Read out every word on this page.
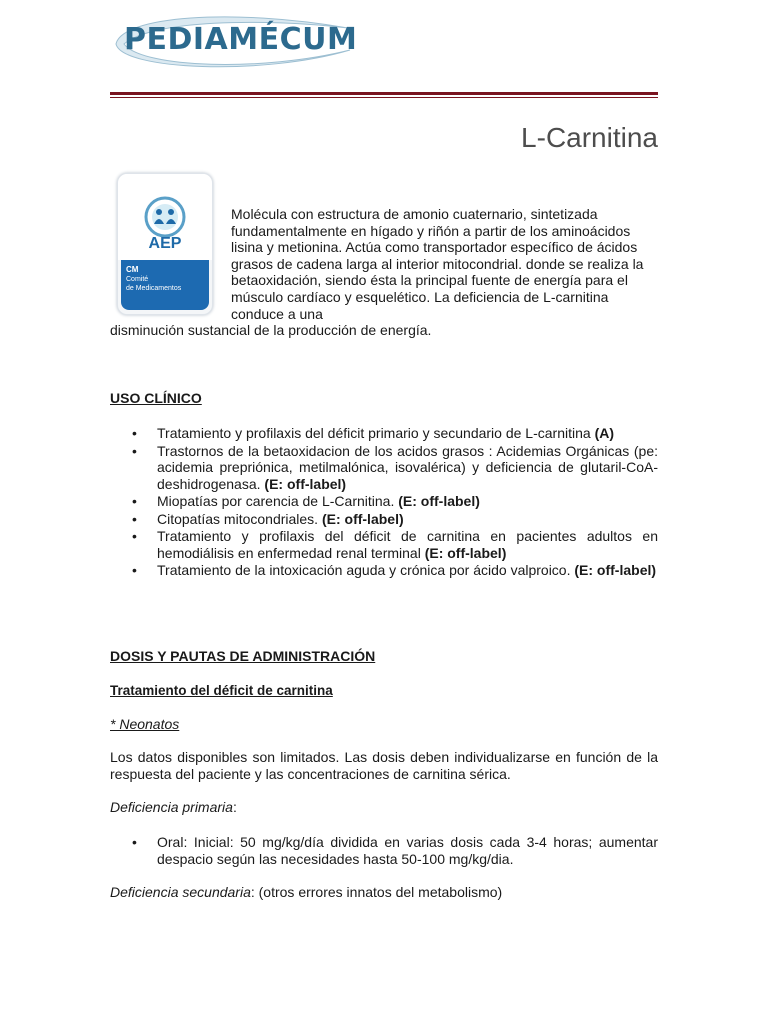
PEDIAMÉCUM
L-Carnitina
AEP
CM
Comité
de Medicamentos
Molécula con estructura de amonio cuaternario, sintetizada fundamentalmente en hígado y riñón a partir de los aminoácidos lisina y metionina. Actúa como transportador específico de ácidos grasos de cadena larga al interior mitocondrial. donde se realiza la betaoxidación, siendo ésta la principal fuente de energía para el músculo cardíaco y esquelético. La deficiencia de L-carnitina conduce a una
disminución sustancial de la producción de energía.
USO CLÍNICO
• Tratamiento y profilaxis del déficit primario y secundario de L-carnitina (A)
• Trastornos de la betaoxidacion de los acidos grasos : Acidemias Orgánicas (pe: acidemia preprióniса, metilmalónica, isovalérica) y deficiencia de glutaril-CoA-deshidrogenasa. (E: off-label)
• Miopatías por carencia de L-Carnitina. (E: off-label)
• Citopatías mitocondriales. (E: off-label)
• Tratamiento y profilaxis del déficit de carnitina en pacientes adultos en hemodiálisis en enfermedad renal terminal (E: off-label)
• Tratamiento de la intoxicación aguda y crónica por ácido valproico. (E: off-label)
DOSIS Y PAUTAS DE ADMINISTRACIÓN
Tratamiento del déficit de carnitina
* Neonatos
Los datos disponibles son limitados. Las dosis deben individualizarse en función de la respuesta del paciente y las concentraciones de carnitina sérica.
Deficiencia primaria:
• Oral: Inicial: 50 mg/kg/día dividida en varias dosis cada 3-4 horas; aumentar despacio según las necesidades hasta 50-100 mg/kg/dia.
Deficiencia secundaria: (otros errores innatos del metabolismo)
